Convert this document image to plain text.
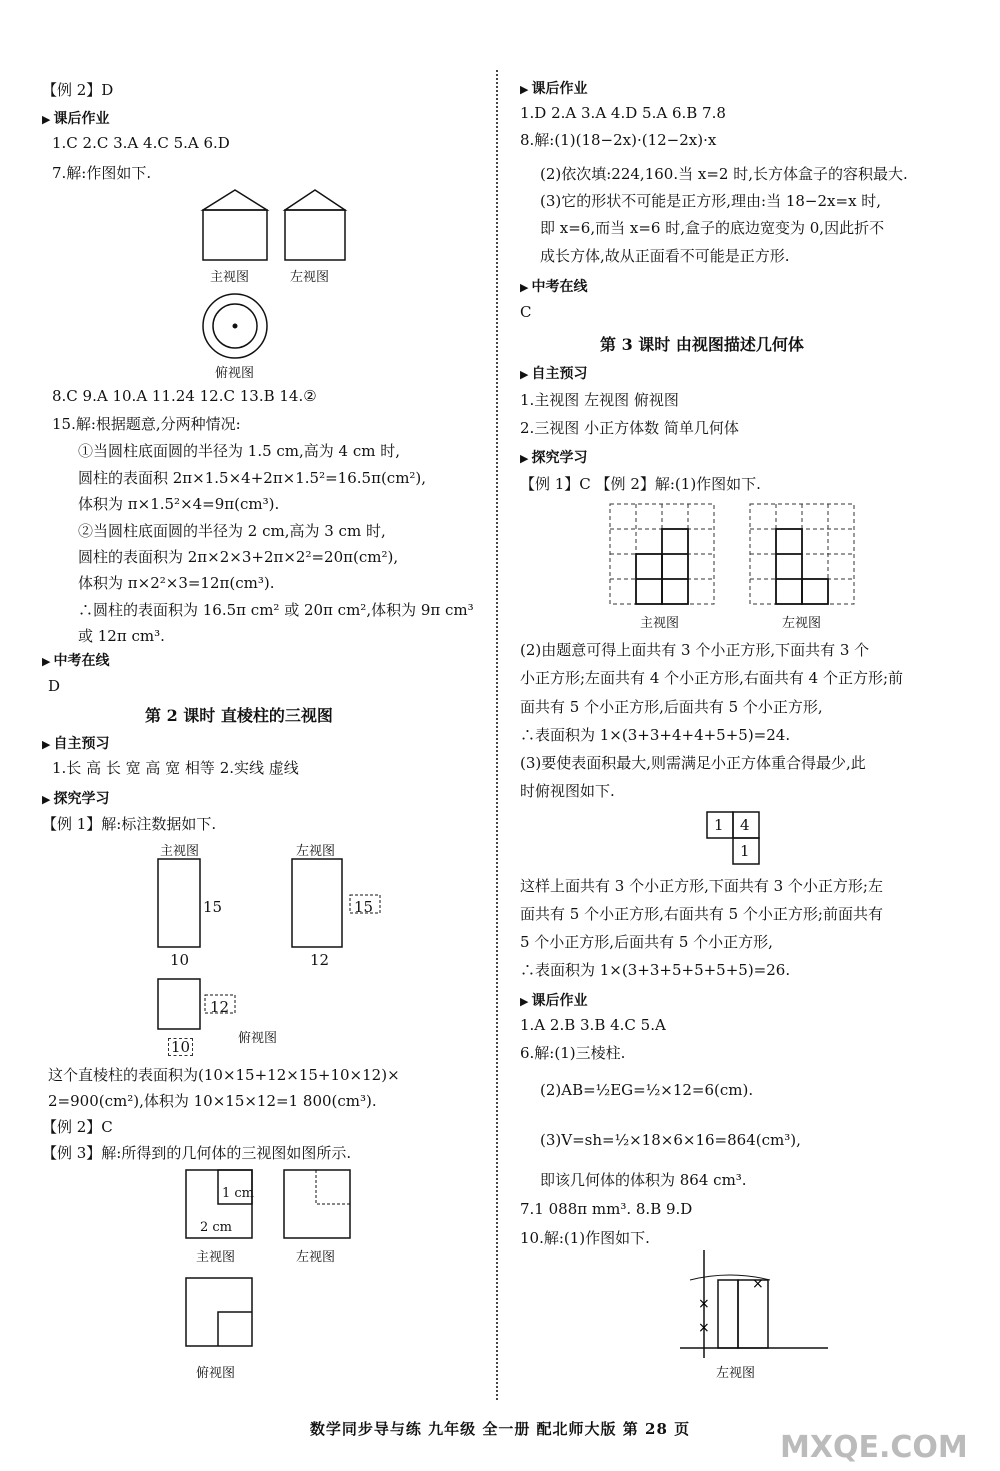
【例 2】D
▶ 课后作业
1.C 2.C 3.A 4.C 5.A 6.D
7.解:作图如下.
主视图	左视图
俯视图
8.C 9.A 10.A 11.24 12.C 13.B 14.②
15.解:根据题意,分两种情况:
①当圆柱底面圆的半径为 1.5 cm,高为 4 cm 时,
圆柱的表面积 2π×1.5×4+2π×1.5²=16.5π(cm²),
体积为 π×1.5²×4=9π(cm³).
②当圆柱底面圆的半径为 2 cm,高为 3 cm 时,
圆柱的表面积为 2π×2×3+2π×2²=20π(cm²),
体积为 π×2²×3=12π(cm³).
∴圆柱的表面积为 16.5π cm² 或 20π cm²,体积为 9π cm³
或 12π cm³.
▶ 中考在线
D
第 2 课时 直棱柱的三视图
▶ 自主预习
1.长 高 长 宽 高 宽 相等 2.实线 虚线
▶ 探究学习
【例 1】解:标注数据如下.
主视图	左视图
15	15
10	12
12
俯视图
10
这个直棱柱的表面积为(10×15+12×15+10×12)×
2=900(cm²),体积为 10×15×12=1 800(cm³).
【例 2】C
【例 3】解:所得到的几何体的三视图如图所示.
1 cm
2 cm
主视图	左视图
俯视图
▶ 课后作业
1.D 2.A 3.A 4.D 5.A 6.B 7.8
8.解:(1)(18−2x)·(12−2x)·x
(2)依次填:224,160.当 x=2 时,长方体盒子的容积最大.
(3)它的形状不可能是正方形,理由:当 18−2x=x 时,
即 x=6,而当 x=6 时,盒子的底边宽变为 0,因此折不
成长方体,故从正面看不可能是正方形.
▶ 中考在线
C
第 3 课时 由视图描述几何体
▶ 自主预习
1.主视图 左视图 俯视图
2.三视图 小正方体数 简单几何体
▶ 探究学习
【例 1】C 【例 2】解:(1)作图如下.
主视图	左视图
(2)由题意可得上面共有 3 个小正方形,下面共有 3 个
小正方形;左面共有 4 个小正方形,右面共有 4 个正方形;前
面共有 5 个小正方形,后面共有 5 个小正方形,
∴表面积为 1×(3+3+4+4+5+5)=24.
(3)要使表面积最大,则需满足小正方体重合得最少,此
时俯视图如下.
1 4
1
这样上面共有 3 个小正方形,下面共有 3 个小正方形;左
面共有 5 个小正方形,右面共有 5 个小正方形;前面共有
5 个小正方形,后面共有 5 个小正方形,
∴表面积为 1×(3+3+5+5+5+5)=26.
▶ 课后作业
1.A 2.B 3.B 4.C 5.A
6.解:(1)三棱柱.
(2)AB=½EG=½×12=6(cm).
(3)V=sh=½×18×6×16=864(cm³),
即该几何体的体积为 864 cm³.
7.1 088π mm³. 8.B 9.D
10.解:(1)作图如下.
×
×
×
左视图
数学同步导与练 九年级 全一册 配北师大版 第 28 页
MXQE.COM
